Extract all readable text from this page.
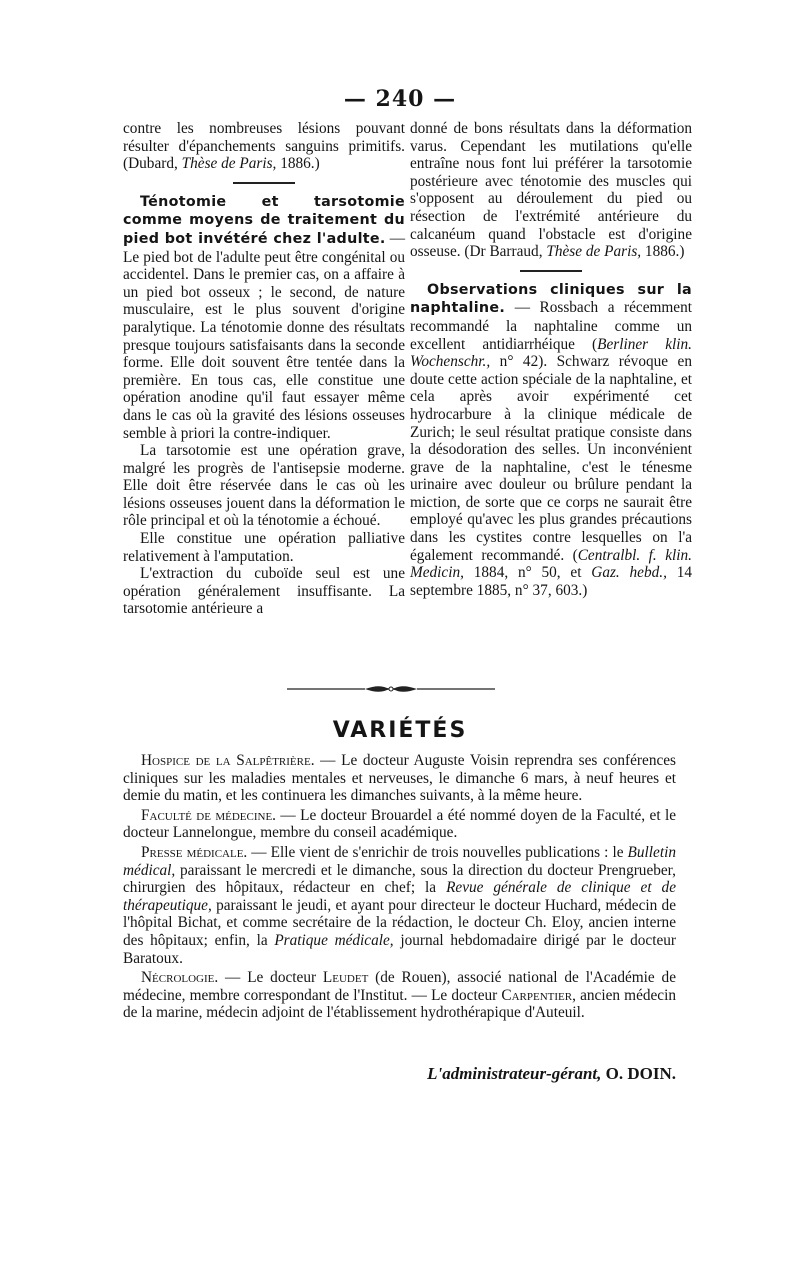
— 240 —

contre les nombreuses lésions pouvant résulter d'épanchements sanguins primitifs. (Dubard, Thèse de Paris, 1886.)

Ténotomie et tarsotomie comme moyens de traitement du pied bot invétéré chez l'adulte. — Le pied bot de l'adulte peut être congénital ou accidentel. Dans le premier cas, on a affaire à un pied bot osseux ; le second, de nature musculaire, est le plus souvent d'origine paralytique. La ténotomie donne des résultats presque toujours satisfaisants dans la seconde forme. Elle doit souvent être tentée dans la première. En tous cas, elle constitue une opération anodine qu'il faut essayer même dans le cas où la gravité des lésions osseuses semble à priori la contre-indiquer.

La tarsotomie est une opération grave, malgré les progrès de l'antisepsie moderne. Elle doit être réservée dans le cas où les lésions osseuses jouent dans la déformation le rôle principal et où la ténotomie a échoué.

Elle constitue une opération palliative relativement à l'amputation.

L'extraction du cuboïde seul est une opération généralement insuffisante. La tarsotomie antérieure a

donné de bons résultats dans la déformation varus. Cependant les mutilations qu'elle entraîne nous font lui préférer la tarsotomie postérieure avec ténotomie des muscles qui s'opposent au déroulement du pied ou résection de l'extrémité antérieure du calcanéum quand l'obstacle est d'origine osseuse. (Dr Barraud, Thèse de Paris, 1886.)

Observations cliniques sur la naphtaline. — Rossbach a récemment recommandé la naphtaline comme un excellent antidiarrhéique (Berliner klin. Wochenschr., n° 42). Schwarz révoque en doute cette action spéciale de la naphtaline, et cela après avoir expérimenté cet hydrocarbure à la clinique médicale de Zurich; le seul résultat pratique consiste dans la désodoration des selles. Un inconvénient grave de la naphtaline, c'est le ténesme urinaire avec douleur ou brûlure pendant la miction, de sorte que ce corps ne saurait être employé qu'avec les plus grandes précautions dans les cystites contre lesquelles on l'a également recommandé. (Centralbl. f. klin. Medicin, 1884, n° 50, et Gaz. hebd., 14 septembre 1885, n° 37, 603.)

VARIÉTÉS

Hospice de la Salpêtrière. — Le docteur Auguste Voisin reprendra ses conférences cliniques sur les maladies mentales et nerveuses, le dimanche 6 mars, à neuf heures et demie du matin, et les continuera les dimanches suivants, à la même heure.

Faculté de médecine. — Le docteur Brouardel a été nommé doyen de la Faculté, et le docteur Lannelongue, membre du conseil académique.

Presse médicale. — Elle vient de s'enrichir de trois nouvelles publications : le Bulletin médical, paraissant le mercredi et le dimanche, sous la direction du docteur Prengrueber, chirurgien des hôpitaux, rédacteur en chef; la Revue générale de clinique et de thérapeutique, paraissant le jeudi, et ayant pour directeur le docteur Huchard, médecin de l'hôpital Bichat, et comme secrétaire de la rédaction, le docteur Ch. Eloy, ancien interne des hôpitaux; enfin, la Pratique médicale, journal hebdomadaire dirigé par le docteur Baratoux.

Nécrologie. — Le docteur Leudet (de Rouen), associé national de l'Académie de médecine, membre correspondant de l'Institut. — Le docteur Carpentier, ancien médecin de la marine, médecin adjoint de l'établissement hydrothérapique d'Auteuil.

L'administrateur-gérant, O. DOIN.
